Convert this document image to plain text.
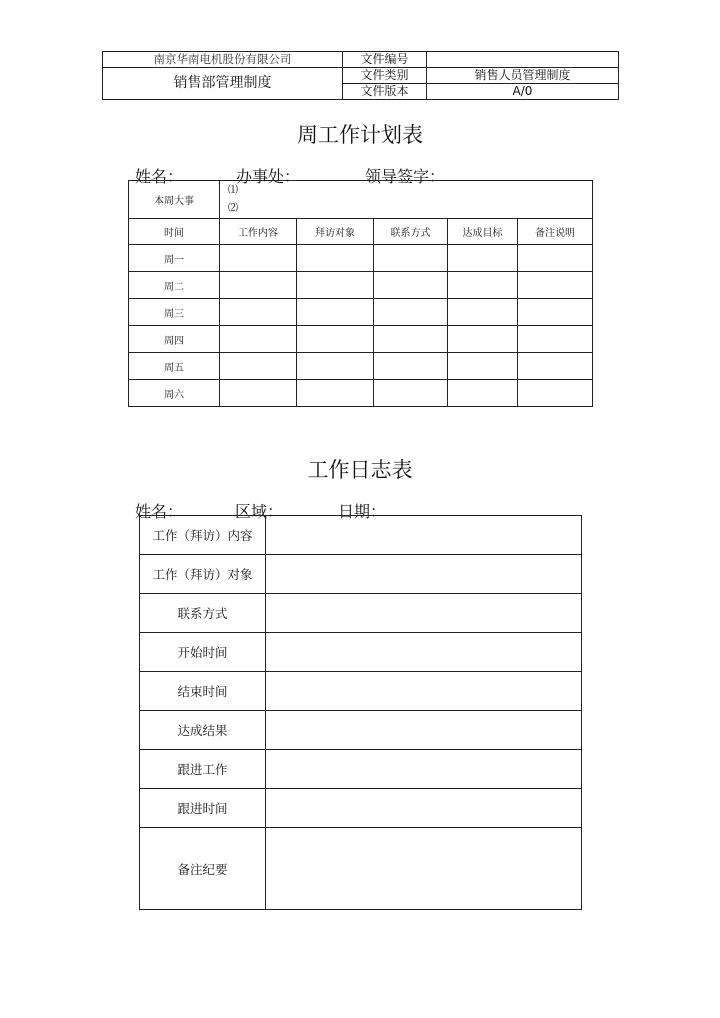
南京华南电机股份有限公司	文件编号	
销售部管理制度	文件类别	销售人员管理制度
	文件版本	A/0
周工作计划表
姓名：	办事处：	领导签字：
本周大事	⑴
⑵				

时间	工作内容	拜访对象	联系方式	达成目标	备注说明
周一					
周二					
周三					
周四					
周五					
周六					
工作日志表
姓名：	区域：	日期：
工作（拜访）内容	
工作（拜访）对象	
联系方式	
开始时间	
结束时间	
达成结果	
跟进工作	
跟进时间	
备注纪要	
